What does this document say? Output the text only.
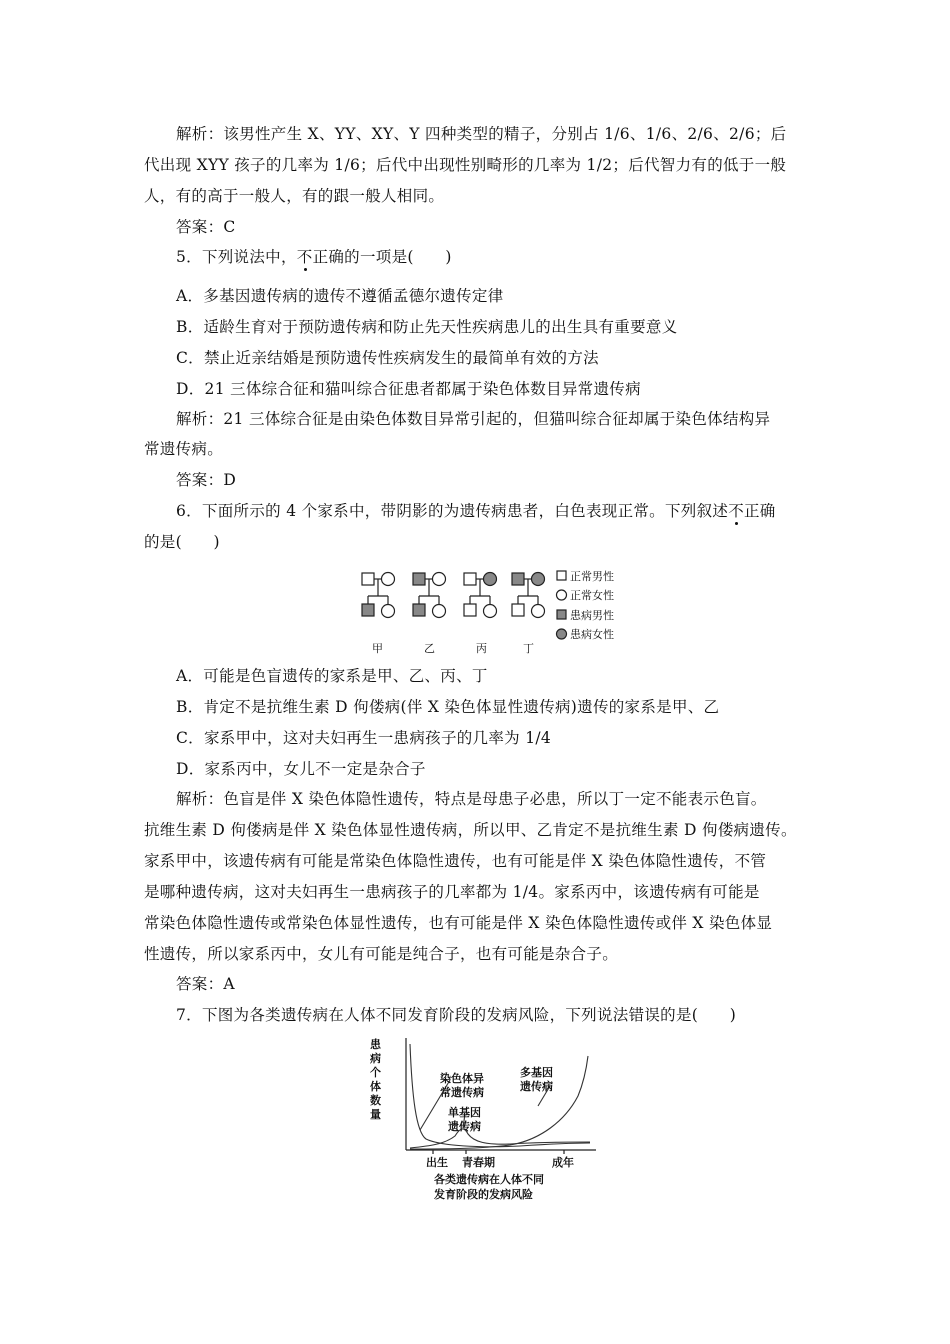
解析：该男性产生 X、YY、XY、Y 四种类型的精子，分别占 1/6、1/6、2/6、2/6；后
代出现 XYY 孩子的几率为 1/6；后代中出现性别畸形的几率为 1/2；后代智力有的低于一般
人，有的高于一般人，有的跟一般人相同。
答案：C
5．下列说法中，不正确的一项是(　　)
A．多基因遗传病的遗传不遵循孟德尔遗传定律
B．适龄生育对于预防遗传病和防止先天性疾病患儿的出生具有重要意义
C．禁止近亲结婚是预防遗传性疾病发生的最简单有效的方法
D．21 三体综合征和猫叫综合征患者都属于染色体数目异常遗传病
解析：21 三体综合征是由染色体数目异常引起的，但猫叫综合征却属于染色体结构异
常遗传病。
答案：D
6．下面所示的 4 个家系中，带阴影的为遗传病患者，白色表现正常。下列叙述不正确
的是(　　)
正常男性
正常女性
患病男性
患病女性
甲	乙	丙	丁
A．可能是色盲遗传的家系是甲、乙、丙、丁
B．肯定不是抗维生素 D 佝偻病(伴 X 染色体显性遗传病)遗传的家系是甲、乙
C．家系甲中，这对夫妇再生一患病孩子的几率为 1/4
D．家系丙中，女儿不一定是杂合子
解析：色盲是伴 X 染色体隐性遗传，特点是母患子必患，所以丁一定不能表示色盲。
抗维生素 D 佝偻病是伴 X 染色体显性遗传病，所以甲、乙肯定不是抗维生素 D 佝偻病遗传。
家系甲中，该遗传病有可能是常染色体隐性遗传，也有可能是伴 X 染色体隐性遗传，不管
是哪种遗传病，这对夫妇再生一患病孩子的几率都为 1/4。家系丙中，该遗传病有可能是
常染色体隐性遗传或常染色体显性遗传，也有可能是伴 X 染色体隐性遗传或伴 X 染色体显
性遗传，所以家系丙中，女儿有可能是纯合子，也有可能是杂合子。
答案：A
7．下图为各类遗传病在人体不同发育阶段的发病风险，下列说法错误的是(　　)
患
病
个
体
数
量
染色体异
常遗传病
单基因
遗传病
多基因
遗传病
出生 青春期	成年
各类遗传病在人体不同
发育阶段的发病风险
